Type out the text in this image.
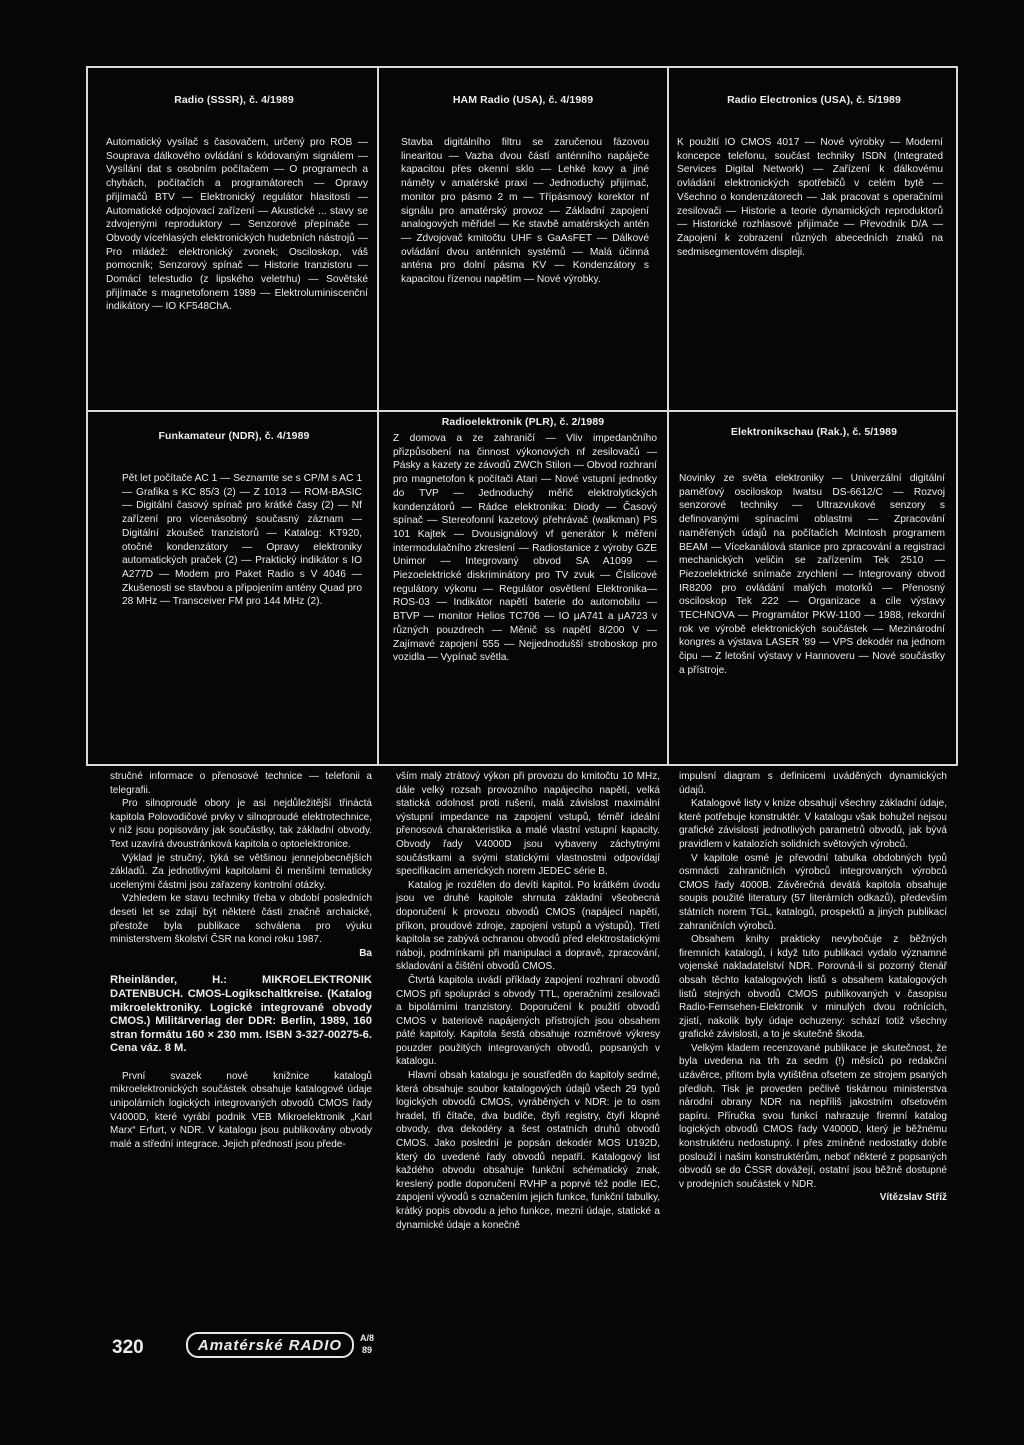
Radio (SSSR), č. 4/1989
Automatický vysílač s časovačem, určený pro ROB — Souprava dálkového ovládání s kódovaným signálem — Vysílání dat s osobním počítačem — O programech a chybách, počítačích a programátorech — Opravy přijímačů BTV — Elektronický regulátor hlasitosti — Automatické odpojovací zařízení — Akustické ... stavy se zdvojenými reproduktory — Senzorové přepínače — Obvody vícehlasých elektronických hudebních nástrojů — Pro mládež: elektronický zvonek; Osciloskop, váš pomocník; Senzorový spínač — Historie tranzistoru — Domácí telestudio (z lipského veletrhu) — Sovětské přijímače s magnetofonem 1989 — Elektroluminiscenční indikátory — IO KF548ChA.
HAM Radio (USA), č. 4/1989
Stavba digitálního filtru se zaručenou fázovou linearitou — Vazba dvou částí anténního napáječe kapacitou přes okenní sklo — Lehké kovy a jiné náměty v amatérské praxi — Jednoduchý přijímač, monitor pro pásmo 2 m — Třípásmový korektor nf signálu pro amatérský provoz — Základní zapojení analogových měřidel — Ke stavbě amatérských antén — Zdvojovač kmitočtu UHF s GaAsFET — Dálkové ovládání dvou anténních systémů — Malá účinná anténa pro dolní pásma KV — Kondenzátory s kapacitou řízenou napětím — Nové výrobky.
Radio Electronics (USA), č. 5/1989
K použití IO CMOS 4017 — Nové výrobky — Moderní koncepce telefonu, součást techniky ISDN (Integrated Services Digital Network) — Zařízení k dálkovému ovládání elektronických spotřebičů v celém bytě — Všechno o kondenzátorech — Jak pracovat s operačními zesilovači — Historie a teorie dynamických reproduktorů — Historické rozhlasové přijímače — Převodník D/A — Zapojení k zobrazení různých abecedních znaků na sedmisegmentovém displeji.
Funkamateur (NDR), č. 4/1989
Pět let počítače AC 1 — Seznamte se s CP/M s AC 1 — Grafika s KC 85/3 (2) — Z 1013 — ROM-BASIC — Digitální časový spínač pro krátké časy (2) — Nf zařízení pro vícenásobný současný záznam — Digitální zkoušeč tranzistorů — Katalog: KT920, otočné kondenzátory — Opravy elektroniky automatických praček (2) — Praktický indikátor s IO A277D — Modem pro Paket Radio s V 4046 — Zkušenosti se stavbou a připojením antény Quad pro 28 MHz — Transceiver FM pro 144 MHz (2).
Radioelektronik (PLR), č. 2/1989
Z domova a ze zahraničí — Vliv impedančního přizpůsobení na činnost výkonových nf zesilovačů — Pásky a kazety ze závodů ZWCh Stilon — Obvod rozhraní pro magnetofon k počítači Atari — Nové vstupní jednotky do TVP — Jednoduchý měřič elektrolytických kondenzátorů — Rádce elektronika: Diody — Časový spínač — Stereofonní kazetový přehrávač (walkman) PS 101 Kajtek — Dvousignálový vf generátor k měření intermodulačního zkreslení — Radiostanice z výroby GZE Unimor — Integrovaný obvod SA A1099 — Piezoelektrické diskriminátory pro TV zvuk — Číslicové regulátory výkonu — Regulátor osvětlení Elektronika—ROS-03 — Indikátor napětí baterie do automobilu — BTVP — monitor Helios TC706 — IO μA741 a μA723 v různých pouzdrech — Měnič ss napětí 8/200 V — Zajímavé zapojení 555 — Nejjednodušší stroboskop pro vozidla — Vypínač světla.
Elektronikschau (Rak.), č. 5/1989
Novinky ze světa elektroniky — Univerzální digitální paměťový osciloskop Iwatsu DS-6612/C — Rozvoj senzorové techniky — Ultrazvukové senzory s definovanými spínacími oblastmi — Zpracování naměřených údajů na počítačích McIntosh programem BEAM — Vícekanálová stanice pro zpracování a registraci mechanických veličin se zařízením Tek 2510 — Piezoelektrické snímače zrychlení — Integrovaný obvod IR8200 pro ovládání malých motorků — Přenosný osciloskop Tek 222 — Organizace a cíle výstavy TECHNOVA — Programátor PKW-1100 — 1988, rekordní rok ve výrobě elektronických součástek — Mezinárodní kongres a výstava LASER '89 — VPS dekodér na jednom čipu — Z letošní výstavy v Hannoveru — Nové součástky a přístroje.

stručné informace o přenosové technice — telefonii a telegrafii.

Pro silnoproudé obory je asi nejdůležitější třináctá kapitola Polovodičové prvky v silnoproudé elektrotechnice, v níž jsou popisovány jak součástky, tak základní obvody. Text uzavírá dvoustránková kapitola o optoelektronice.

Výklad je stručný, týká se většinou jennejobecnějších základů. Za jednotlivými kapitolami či menšími tematicky ucelenými částmi jsou zařazeny kontrolní otázky.

Vzhledem ke stavu techniky třeba v období posledních deseti let se zdají být některé části značně archaické, přestože byla publikace schválena pro výuku ministerstvem školství ČSR na konci roku 1987.

Ba

Rheinländer, H.: MIKROELEKTRONIK DATENBUCH. CMOS-Logikschaltkreise. (Katalog mikroelektroniky. Logické integrované obvody CMOS.) Militärverlag der DDR: Berlin, 1989, 160 stran formátu 160 × 230 mm. ISBN 3-327-00275-6. Cena váz. 8 M.

První svazek nové knižnice katalogů mikroelektronických součástek obsahuje katalogové údaje unipolárních logických integrovaných obvodů CMOS řady V4000D, které vyrábí podnik VEB Mikroelektronik „Karl Marx“ Erfurt, v NDR. V katalogu jsou publikovány obvody malé a střední integrace. Jejich předností jsou přede-

vším malý ztrátový výkon při provozu do kmitočtu 10 MHz, dále velký rozsah provozního napájecího napětí, velká statická odolnost proti rušení, malá závislost maximální výstupní impedance na zapojení vstupů, téměř ideální přenosová charakteristika a malé vlastní vstupní kapacity. Obvody řady V4000D jsou vybaveny záchytnými součástkami a svými statickými vlastnostmi odpovídají specifikacím amerických norem JEDEC série B.

Katalog je rozdělen do devíti kapitol. Po krátkém úvodu jsou ve druhé kapitole shrnuta základní všeobecná doporučení k provozu obvodů CMOS (napájecí napětí, příkon, proudové zdroje, zapojení vstupů a výstupů). Třetí kapitola se zabývá ochranou obvodů před elektrostatickými náboji, podmínkami při manipulaci a dopravě, zpracování, skladování a čištění obvodů CMOS.

Čtvrtá kapitola uvádí příklady zapojení rozhraní obvodů CMOS při spolupráci s obvody TTL, operačními zesilovači a bipolárními tranzistory. Doporučení k použití obvodů CMOS v bateriově napájených přístrojích jsou obsahem páté kapitoly. Kapitola šestá obsahuje rozměrové výkresy pouzder použitých integrovaných obvodů, popsaných v katalogu.

Hlavní obsah katalogu je soustředěn do kapitoly sedmé, která obsahuje soubor katalogových údajů všech 29 typů logických obvodů CMOS, vyráběných v NDR: je to osm hradel, tři čítače, dva budiče, čtyři registry, čtyři klopné obvody, dva dekodéry a šest ostatních druhů obvodů CMOS. Jako poslední je popsán dekodér MOS U192D, který do uvedené řady obvodů nepatří. Katalogový list každého obvodu obsahuje funkční schématický znak, kreslený podle doporučení RVHP a poprvé též podle IEC, zapojení vývodů s označením jejich funkce, funkční tabulky, krátký popis obvodu a jeho funkce, mezní údaje, statické a dynamické údaje a konečně

impulsní diagram s definicemi uváděných dynamických údajů.

Katalogové listy v knize obsahují všechny základní údaje, které potřebuje konstruktér. V katalogu však bohužel nejsou grafické závislosti jednotlivých parametrů obvodů, jak bývá pravidlem v katalozích solidních světových výrobců.

V kapitole osmé je převodní tabulka obdobných typů osmnácti zahraničních výrobců integrovaných výrobců CMOS řady 4000B. Závěrečná devátá kapitola obsahuje soupis použité literatury (57 literárních odkazů), především státních norem TGL, katalogů, prospektů a jiných publikací zahraničních výrobců.

Obsahem knihy prakticky nevybočuje z běžných firemních katalogů, i když tuto publikaci vydalo významné vojenské nakladatelství NDR. Porovná-li si pozorný čtenář obsah těchto katalogových listů s obsahem katalogových listů stejných obvodů CMOS publikovaných v časopisu Radio-Fernsehen-Elektronik v minulých dvou ročnících, zjistí, nakolik byly údaje ochuzeny: schází totiž všechny grafické závislosti, a to je skutečně škoda.

Velkým kladem recenzované publikace je skutečnost, že byla uvedena na trh za sedm (!) měsíců po redakční uzávěrce, přitom byla vytištěna ofsetem ze strojem psaných předloh. Tisk je proveden pečlivě tiskárnou ministerstva národní obrany NDR na nepříliš jakostním ofsetovém papíru. Příručka svou funkcí nahrazuje firemní katalog logických obvodů CMOS řady V4000D, který je běžnému konstruktéru nedostupný. I přes zmíněné nedostatky dobře poslouží i našim konstruktérům, neboť některé z popsaných obvodů se do ČSSR dovážejí, ostatní jsou běžně dostupné v prodejních součástek v NDR.

Vítězslav Stříž

320	Amatérské RADIO A/8
89
